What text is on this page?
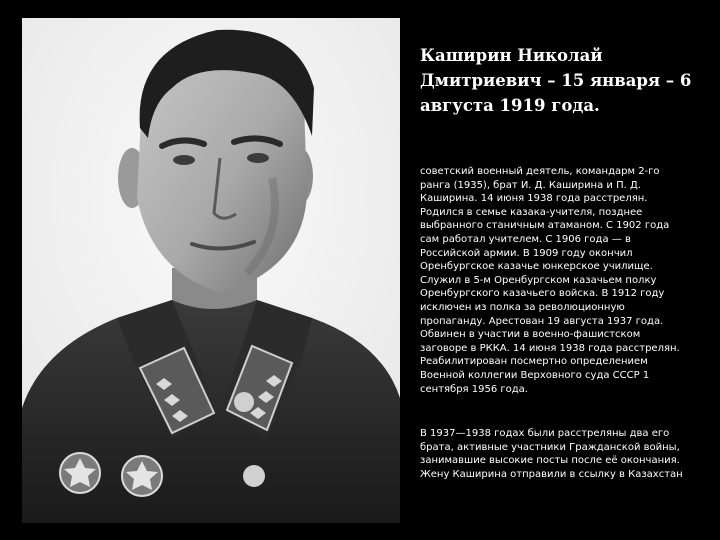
Каширин Николай Дмитриевич – 15 января – 6 августа 1919 года.

советский военный деятель, командарм 2-го ранга (1935), брат И. Д. Каширина и П. Д. Каширина. 14 июня 1938 года расстрелян. Родился в семье казака-учителя, позднее выбранного станичным атаманом. С 1902 года сам работал учителем. С 1906 года — в Российской армии. В 1909 году окончил Оренбургское казачье юнкерское училище. Служил в 5-м Оренбургском казачьем полку Оренбургского казачьего войска. В 1912 году исключен из полка за революционную пропаганду. Арестован 19 августа 1937 года. Обвинен в участии в военно-фашистском заговоре в РККА. 14 июня 1938 года расстрелян. Реабилитирован посмертно определением Военной коллегии Верховного суда СССР 1 сентября 1956 года.

В 1937—1938 годах были расстреляны два его брата, активные участники Гражданской войны, занимавшие высокие посты после её окончания. Жену Каширина отправили в ссылку в Казахстан
